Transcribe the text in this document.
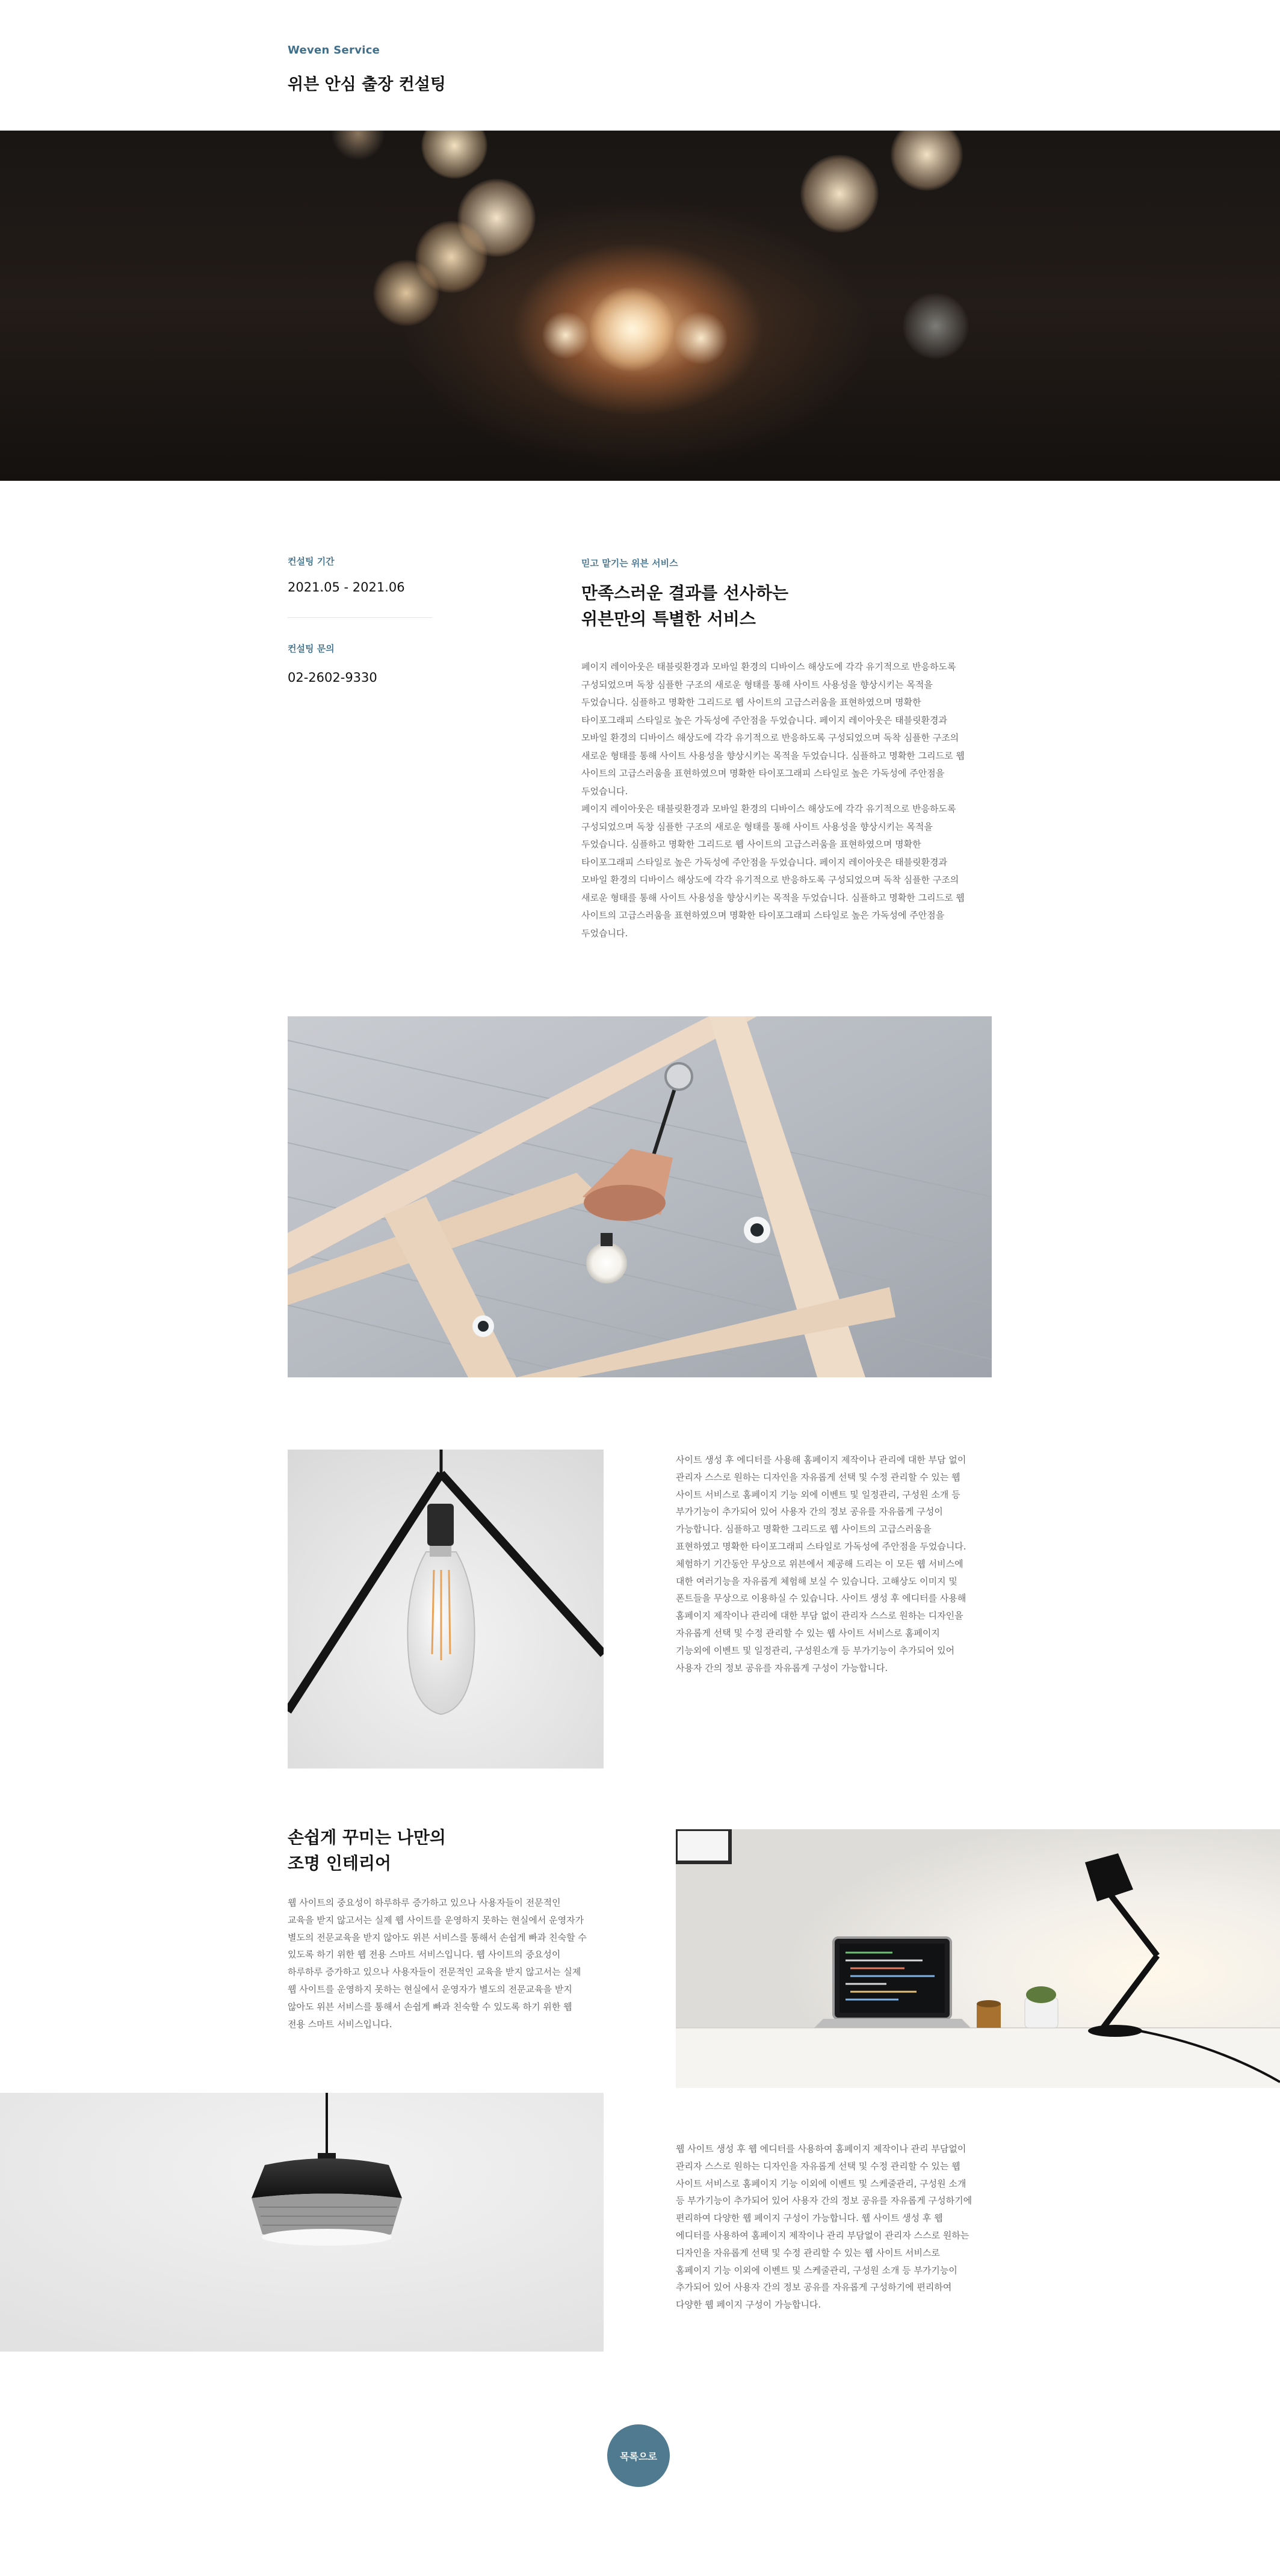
Weven Service
위븐 안심 출장 컨설팅
컨설팅 기간
2021.05 - 2021.06
컨설팅 문의
02-2602-9330
믿고 맡기는 위븐 서비스
만족스러운 결과를 선사하는
위븐만의 특별한 서비스
페이지 레이아웃은 태블릿환경과 모바일 환경의 디바이스 해상도에 각각 유기적으로 반응하도록
구성되었으며 독창 심플한 구조의 새로운 형태를 통해 사이트 사용성을 향상시키는 목적을
두었습니다. 심플하고 명확한 그리드로 웹 사이트의 고급스러움을 표현하였으며 명확한
타이포그래피 스타일로 높은 가독성에 주안점을 두었습니다. 페이지 레이아웃은 태블릿환경과
모바일 환경의 디바이스 해상도에 각각 유기적으로 반응하도록 구성되었으며 독착 심플한 구조의
새로운 형태를 통해 사이트 사용성을 향상시키는 목적을 두었습니다. 심플하고 명확한 그리드로 웹
사이트의 고급스러움을 표현하였으며 명확한 타이포그래피 스타일로 높은 가독성에 주안점을
두었습니다.
페이지 레이아웃은 태블릿환경과 모바일 환경의 디바이스 해상도에 각각 유기적으로 반응하도록
구성되었으며 독창 심플한 구조의 새로운 형태를 통해 사이트 사용성을 향상시키는 목적을
두었습니다. 심플하고 명확한 그리드로 웹 사이트의 고급스러움을 표현하였으며 명확한
타이포그래피 스타일로 높은 가독성에 주안점을 두었습니다. 페이지 레이아웃은 태블릿환경과
모바일 환경의 디바이스 해상도에 각각 유기적으로 반응하도록 구성되었으며 독착 심플한 구조의
새로운 형태를 통해 사이트 사용성을 향상시키는 목적을 두었습니다. 심플하고 명확한 그리드로 웹
사이트의 고급스러움을 표현하였으며 명확한 타이포그래피 스타일로 높은 가독성에 주안점을
두었습니다.
사이트 생성 후 에디터를 사용해 홈페이지 제작이나 관리에 대한 부담 없이
관리자 스스로 원하는 디자인을 자유롭게 선택 및 수정 관리할 수 있는 웹
사이트 서비스로 홈페이지 기능 외에 이벤트 및 일정관리, 구성원 소개 등
부가기능이 추가되어 있어 사용자 간의 정보 공유를 자유롭게 구성이
가능합니다. 심플하고 명확한 그리드로 웹 사이트의 고급스러움을
표현하였고 명확한 타이포그래피 스타일로 가독성에 주안점을 두었습니다.
체험하기 기간동안 무상으로 위븐에서 제공해 드리는 이 모든 웹 서비스에
대한 여러기능을 자유롭게 체험해 보실 수 있습니다. 고해상도 이미지 및
폰트들을 무상으로 이용하실 수 있습니다. 사이트 생성 후 에디터를 사용해
홈페이지 제작이나 관리에 대한 부담 없이 관리자 스스로 원하는 디자인을
자유롭게 선택 및 수정 관리할 수 있는 웹 사이트 서비스로 홈페이지
기능외에 이벤트 및 일정관리, 구성원소개 등 부가기능이 추가되어 있어
사용자 간의 정보 공유를 자유롭게 구성이 가능합니다.
손쉽게 꾸미는 나만의
조명 인테리어
웹 사이트의 중요성이 하루하루 증가하고 있으나 사용자들이 전문적인
교육을 받지 않고서는 실제 웹 사이트를 운영하지 못하는 현실에서 운영자가
별도의 전문교육을 받지 않아도 위븐 서비스를 통해서 손쉽게 빠과 친숙할 수
있도록 하기 위한 웹 전용 스마트 서비스입니다. 웹 사이트의 중요성이
하루하루 증가하고 있으나 사용자들이 전문적인 교육을 받지 않고서는 실제
웹 사이트를 운영하지 못하는 현실에서 운영자가 별도의 전문교육을 받지
않아도 위븐 서비스를 통해서 손쉽게 빠과 친숙할 수 있도록 하기 위한 웹
전용 스마트 서비스입니다.
웹 사이트 생성 후 웹 에디터를 사용하여 홈페이지 제작이나 관리 부담없이
관리자 스스로 원하는 디자인을 자유롭게 선택 및 수정 관리할 수 있는 웹
사이트 서비스로 홈페이지 기능 이외에 이벤트 및 스케줄관리, 구성원 소개
등 부가기능이 추가되어 있어 사용자 간의 정보 공유를 자유롭게 구성하기에
편리하여 다양한 웹 페이지 구성이 가능합니다. 웹 사이트 생성 후 웹
에디터를 사용하여 홈페이지 제작이나 관리 부담없이 관리자 스스로 원하는
디자인을 자유롭게 선택 및 수정 관리할 수 있는 웹 사이트 서비스로
홈페이지 기능 이외에 이벤트 및 스케줄관리, 구성원 소개 등 부가기능이
추가되어 있어 사용자 간의 정보 공유를 자유롭게 구성하기에 편리하여
다양한 웹 페이지 구성이 가능합니다.
목록으로
